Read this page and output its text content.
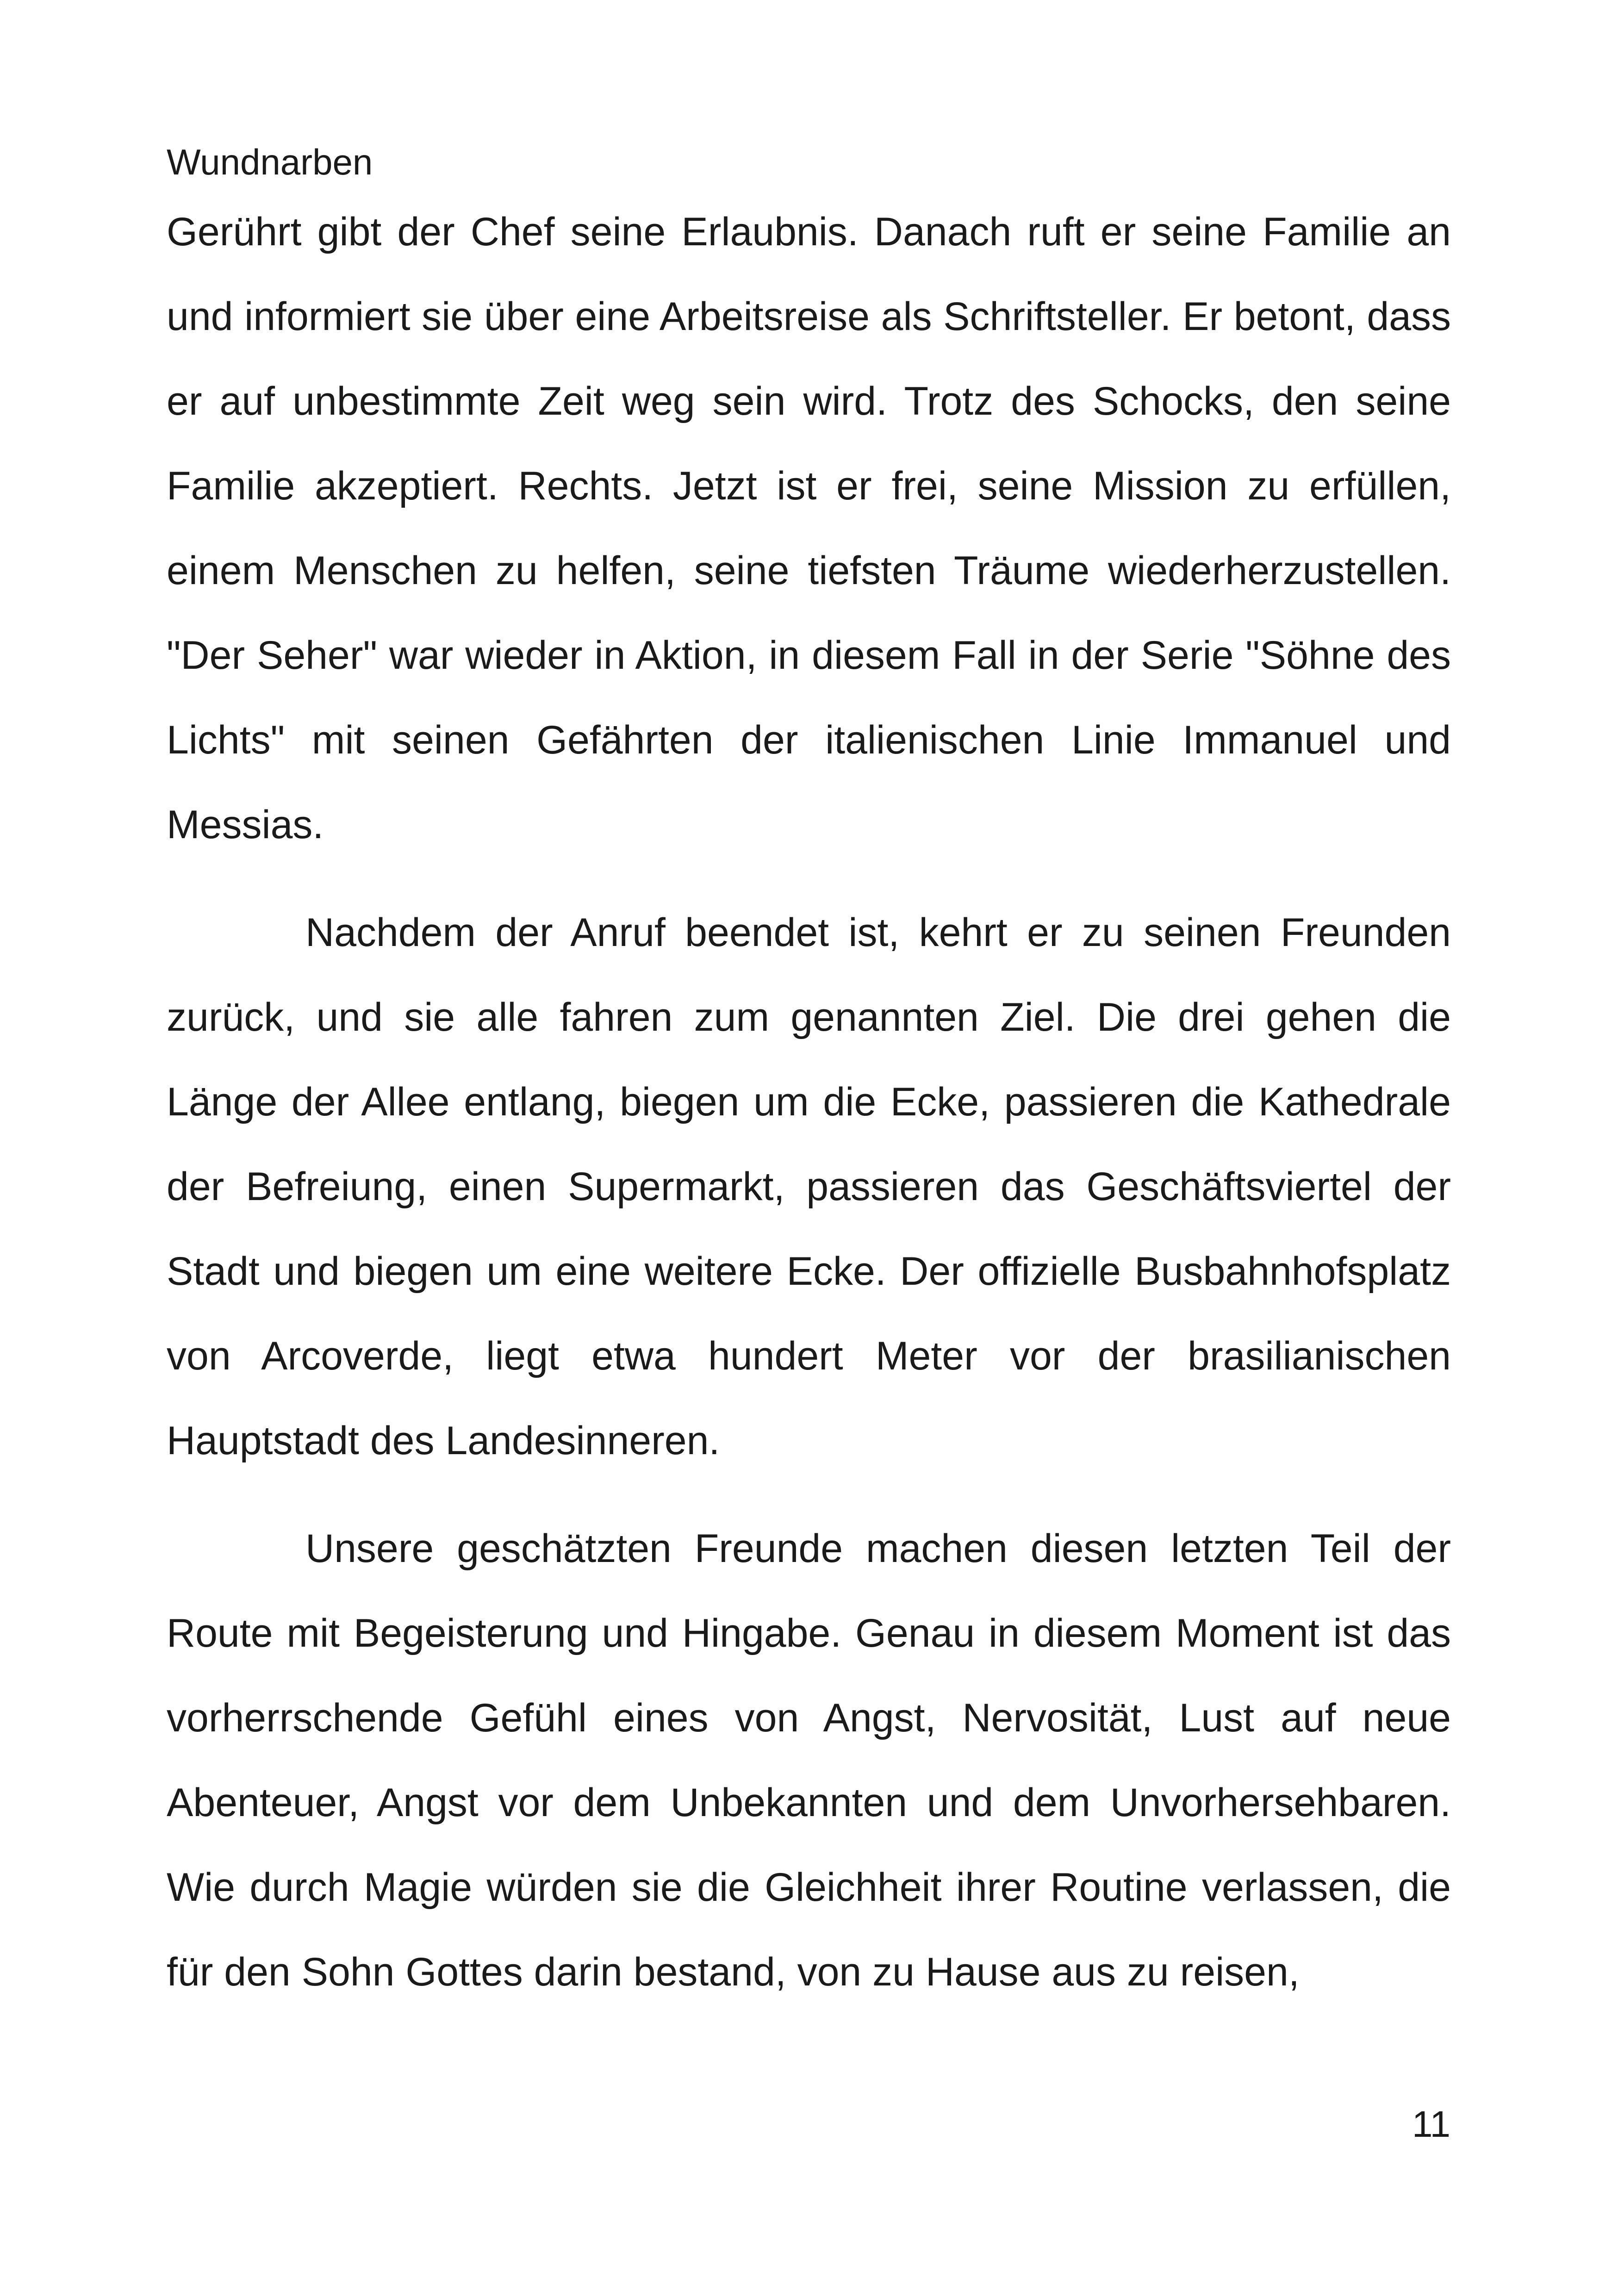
Wundnarben

Gerührt gibt der Chef seine Erlaubnis. Danach ruft er seine Familie an und informiert sie über eine Arbeitsreise als Schriftsteller. Er betont, dass er auf unbestimmte Zeit weg sein wird. Trotz des Schocks, den seine Familie akzeptiert. Rechts. Jetzt ist er frei, seine Mission zu erfüllen, einem Menschen zu helfen, seine tiefsten Träume wiederherzustellen. "Der Seher" war wieder in Aktion, in diesem Fall in der Serie "Söhne des Lichts" mit seinen Gefährten der italienischen Linie Immanuel und Messias.

Nachdem der Anruf beendet ist, kehrt er zu seinen Freunden zurück, und sie alle fahren zum genannten Ziel. Die drei gehen die Länge der Allee entlang, biegen um die Ecke, passieren die Kathedrale der Befreiung, einen Supermarkt, passieren das Geschäftsviertel der Stadt und biegen um eine weitere Ecke. Der offizielle Busbahnhofsplatz von Arcoverde, liegt etwa hundert Meter vor der brasilianischen Hauptstadt des Landesinneren.

Unsere geschätzten Freunde machen diesen letzten Teil der Route mit Begeisterung und Hingabe. Genau in diesem Moment ist das vorherrschende Gefühl eines von Angst, Nervosität, Lust auf neue Abenteuer, Angst vor dem Unbekannten und dem Unvorhersehbaren. Wie durch Magie würden sie die Gleichheit ihrer Routine verlassen, die für den Sohn Gottes darin bestand, von zu Hause aus zu reisen,

11
